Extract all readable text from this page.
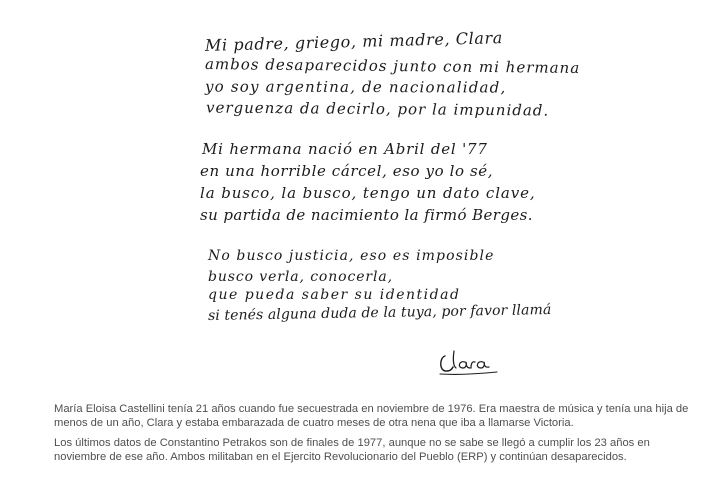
Mi padre, griego, mi madre, Clara
ambos desaparecidos junto con mi hermana
yo soy argentina, de nacionalidad,
verguenza da decirlo, por la impunidad.
Mi hermana nació en Abril del '77
en una horrible cárcel, eso yo lo sé,
la busco, la busco, tengo un dato clave,
su partida de nacimiento la firmó Berges.
No busco justicia, eso es imposible
busco verla, conocerla,
que pueda saber su identidad
si tenés alguna duda de la tuya, por favor llamá

María Eloisa Castellini tenía 21 años cuando fue secuestrada en noviembre de 1976. Era maestra de música y tenía una hija de menos de un año, Clara y estaba embarazada de cuatro meses de otra nena que iba a llamarse Victoria.

Los últimos datos de Constantino Petrakos son de finales de 1977, aunque no se sabe se llegó a cumplir los 23 años en noviembre de ese año. Ambos militaban en el Ejercito Revolucionario del Pueblo (ERP) y continúan desaparecidos.
